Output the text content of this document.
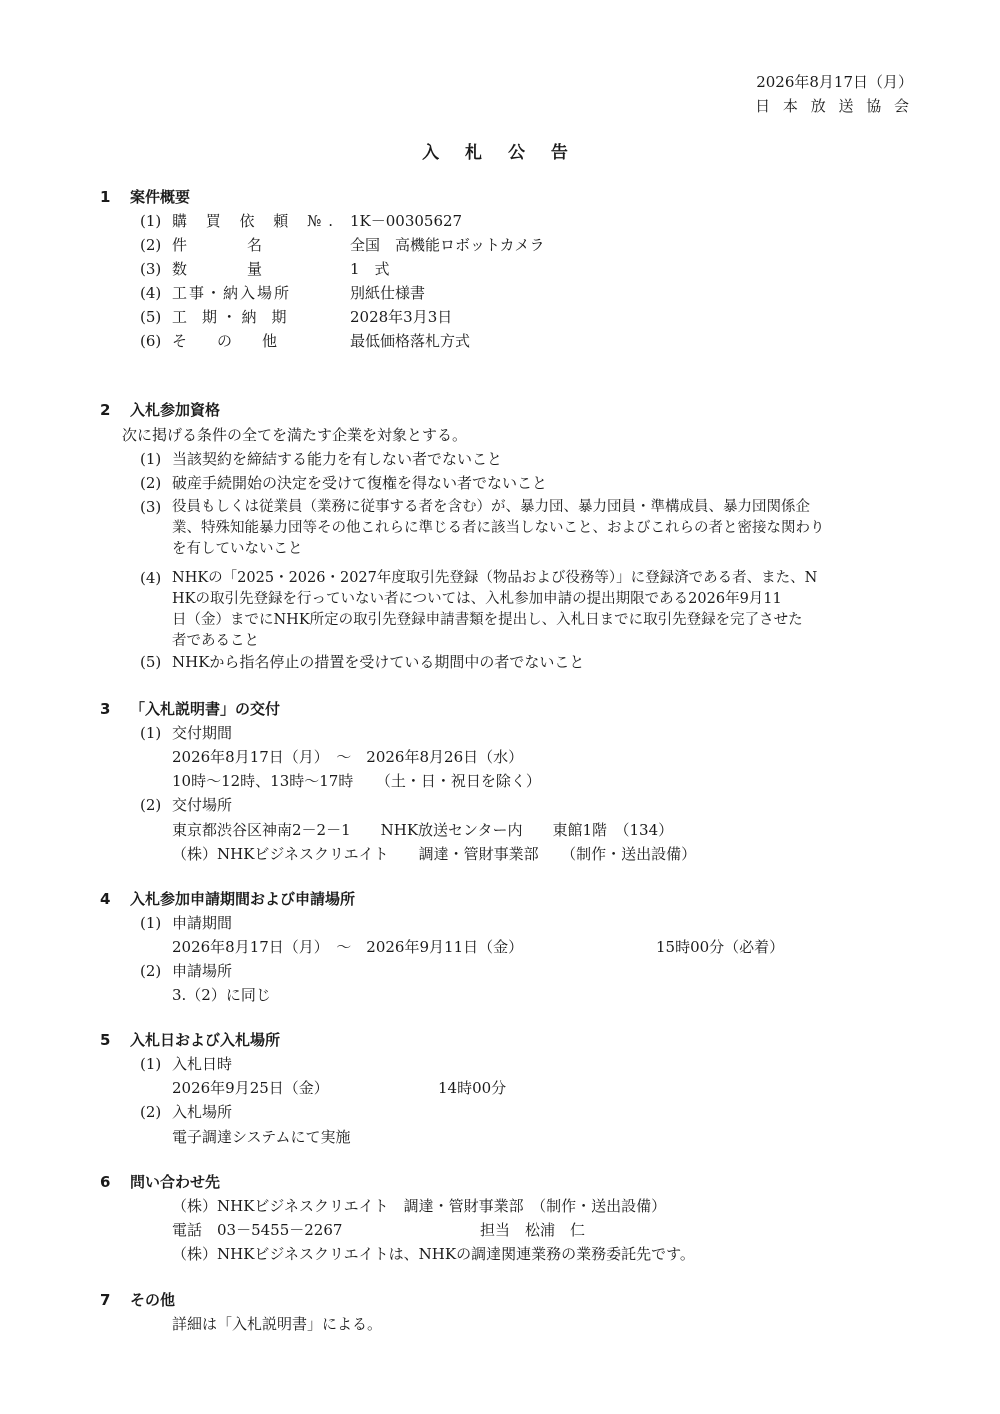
2026年8月17日（月）
日 本 放 送 協 会
入 札 公 告
1 案件概要
(1) 購 買 依 頼 №. 1K－00305627
(2) 件　　　　名	全国　高機能ロボットカメラ
(3) 数　　　　量	1　式
(4) 工事・納入場所	別紙仕様書
(5) 工　期 ・ 納　期	2028年3月3日
(6) そ　　の　　他	最低価格落札方式
2 入札参加資格
次に掲げる条件の全てを満たす企業を対象とする。
(1) 当該契約を締結する能力を有しない者でないこと
(2) 破産手続開始の決定を受けて復権を得ない者でないこと
(3) 役員もしくは従業員（業務に従事する者を含む）が、暴力団、暴力団員・準構成員、暴力団関係企
業、特殊知能暴力団等その他これらに準じる者に該当しないこと、およびこれらの者と密接な関わり
を有していないこと
(4) NHKの「2025・2026・2027年度取引先登録（物品および役務等）」に登録済である者、また、N
HKの取引先登録を行っていない者については、入札参加申請の提出期限である2026年9月11
日（金）までにNHK所定の取引先登録申請書類を提出し、入札日までに取引先登録を完了させた
者であること
(5) NHKから指名停止の措置を受けている期間中の者でないこと
3 「入札説明書」の交付
(1) 交付期間
2026年8月17日（月）　～　2026年8月26日（水）
10時～12時、13時～17時　　（土・日・祝日を除く）
(2) 交付場所
東京都渋谷区神南2－2－1　　NHK放送センター内　　東館1階　（134）
（株）NHKビジネスクリエイト　　調達・管財事業部　　（制作・送出設備）
4 入札参加申請期間および申請場所
(1) 申請期間
2026年8月17日（月）　～　2026年9月11日（金）	15時00分（必着）
(2) 申請場所
3.（2）に同じ
5 入札日および入札場所
(1) 入札日時
2026年9月25日（金）	14時00分
(2) 入札場所
電子調達システムにて実施
6 問い合わせ先
（株）NHKビジネスクリエイト　調達・管財事業部　（制作・送出設備）
電話　03－5455－2267	担当　松浦　仁
（株）NHKビジネスクリエイトは、NHKの調達関連業務の業務委託先です。
7 その他
詳細は「入札説明書」による。
